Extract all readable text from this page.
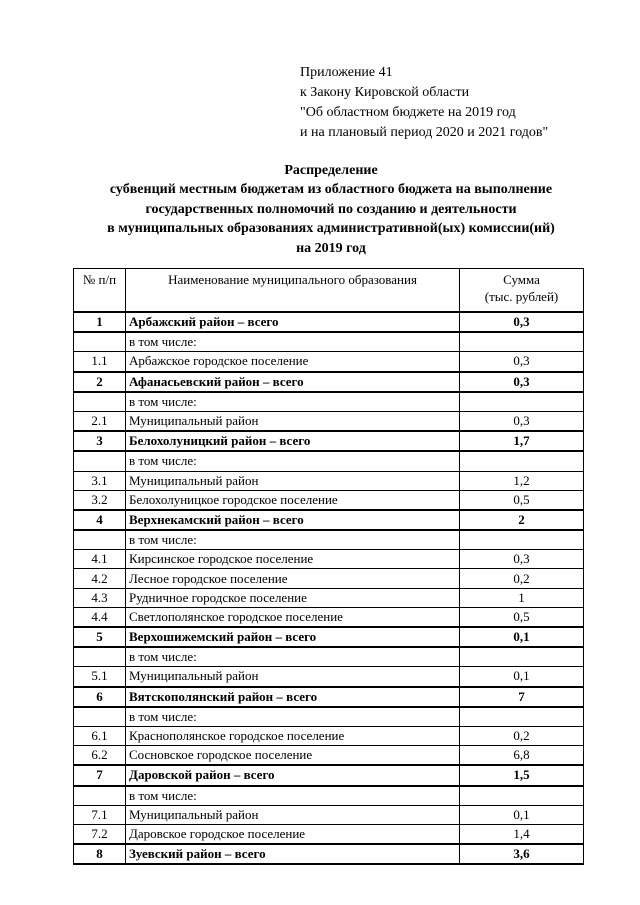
Приложение 41
к Закону Кировской области
"Об областном бюджете на 2019 год
и на плановый период 2020 и 2021 годов"
Распределение
субвенций местным бюджетам из областного бюджета на выполнение
государственных полномочий по созданию и деятельности
в муниципальных образованиях административной(ых) комиссии(ий)
на 2019 год
№ п/п	Наименование муниципального образования	Сумма
(тыс. рублей)

1	Арбажский район – всего	0,3
	в том числе:	
1.1	Арбажское городское поселение	0,3
2	Афанасьевский район – всего	0,3
	в том числе:	
2.1	Муниципальный район	0,3
3	Белохолуницкий район – всего	1,7
	в том числе:	
3.1	Муниципальный район	1,2
3.2	Белохолуницкое городское поселение	0,5
4	Верхнекамский район – всего	2
	в том числе:	
4.1	Кирсинское городское поселение	0,3
4.2	Лесное городское поселение	0,2
4.3	Рудничное городское поселение	1
4.4	Светлополянское городское поселение	0,5
5	Верхошижемский район – всего	0,1
	в том числе:	
5.1	Муниципальный район	0,1
6	Вятскополянский район – всего	7
	в том числе:	
6.1	Краснополянское городское поселение	0,2
6.2	Сосновское городское поселение	6,8
7	Даровской район – всего	1,5
	в том числе:	
7.1	Муниципальный район	0,1
7.2	Даровское городское поселение	1,4
8	Зуевский район – всего	3,6
